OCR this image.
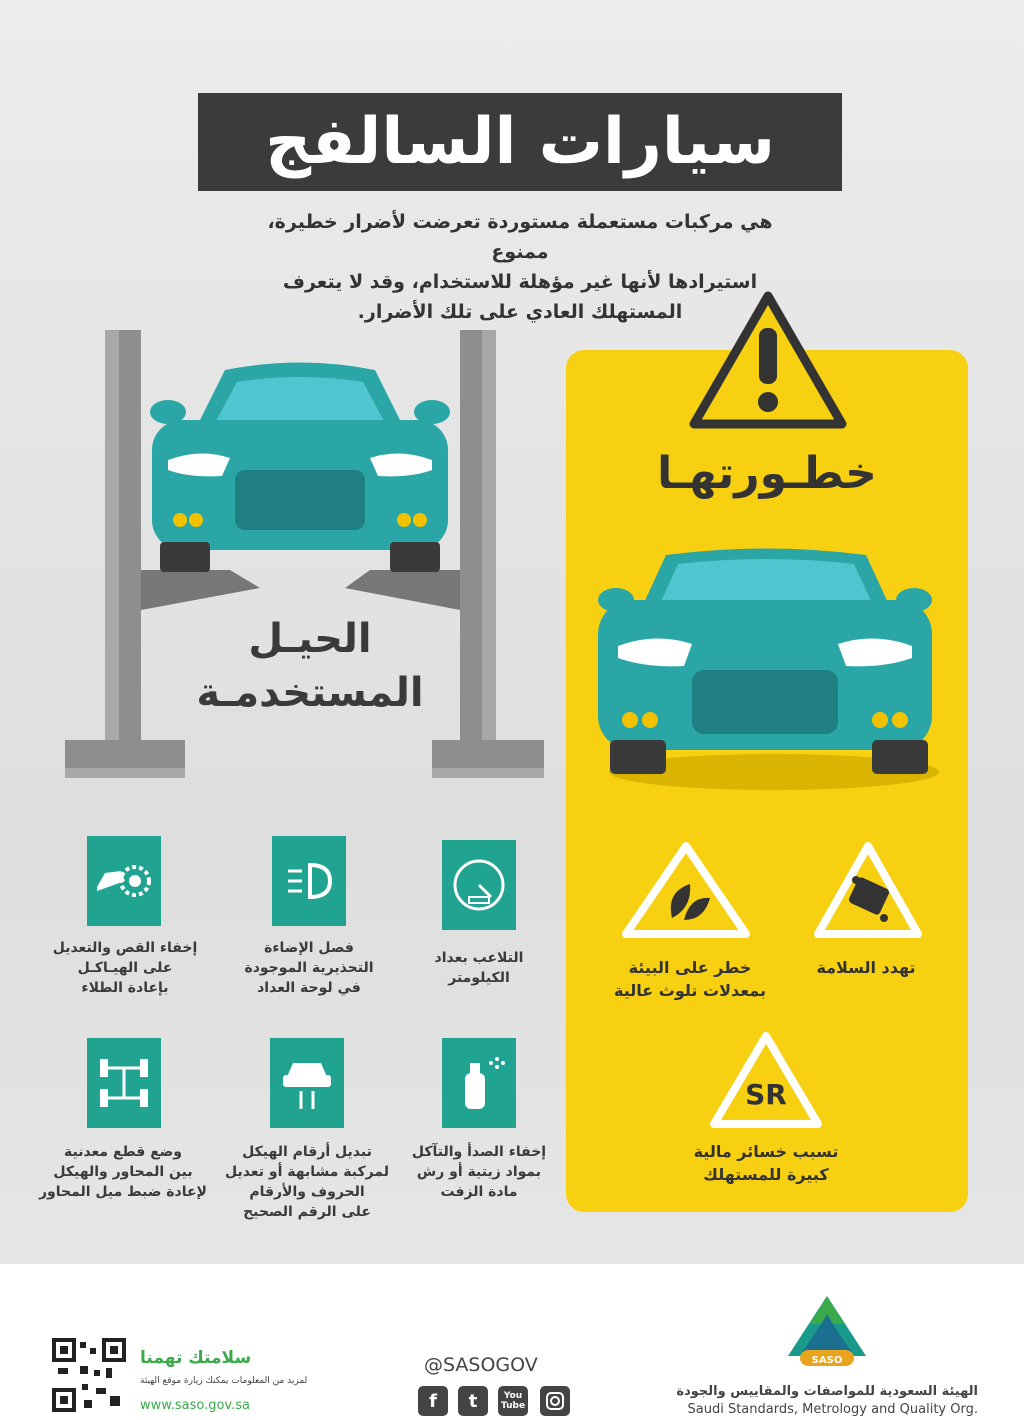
سيارات السالفج
هي مركبات مستعملة مستوردة تعرضت لأضرار خطيرة، ممنوع
استيرادها لأنها غير مؤهلة للاستخدام، وقد لا يتعرف
المستهلك العادي على تلك الأضرار.
الحيـل
المستخدمـة
إخفاء القص والتعديل
على الهيـاكـل
بإعادة الطلاء
فصل الإضاءة
التحذيرية الموجودة
في لوحة العداد
التلاعب بعداد
الكيلومتر
وضع قطع معدنية
بين المحاور والهيكل
لإعادة ضبط ميل المحاور
تبديل أرقام الهيكل
لمركبة مشابهة أو تعديل
الحروف والأرقام
على الرقم الصحيح
إخفاء الصدأ والتآكل
بمواد زيتية أو رش
مادة الزفت
خطـورتهـا
خطر على البيئة
بمعدلات تلوث عالية
تهدد السلامة
SR
تسبب خسائر مالية
كبيرة للمستهلك
SASO
الهيئة السعودية للمواصفات والمقاييس والجودة
Saudi Standards, Metrology and Quality Org.
@SASOGOV
f	t	You Tube
سلامتك تهمنا
لمزيد من المعلومات يمكنك زيارة موقع الهيئة
www.saso.gov.sa
